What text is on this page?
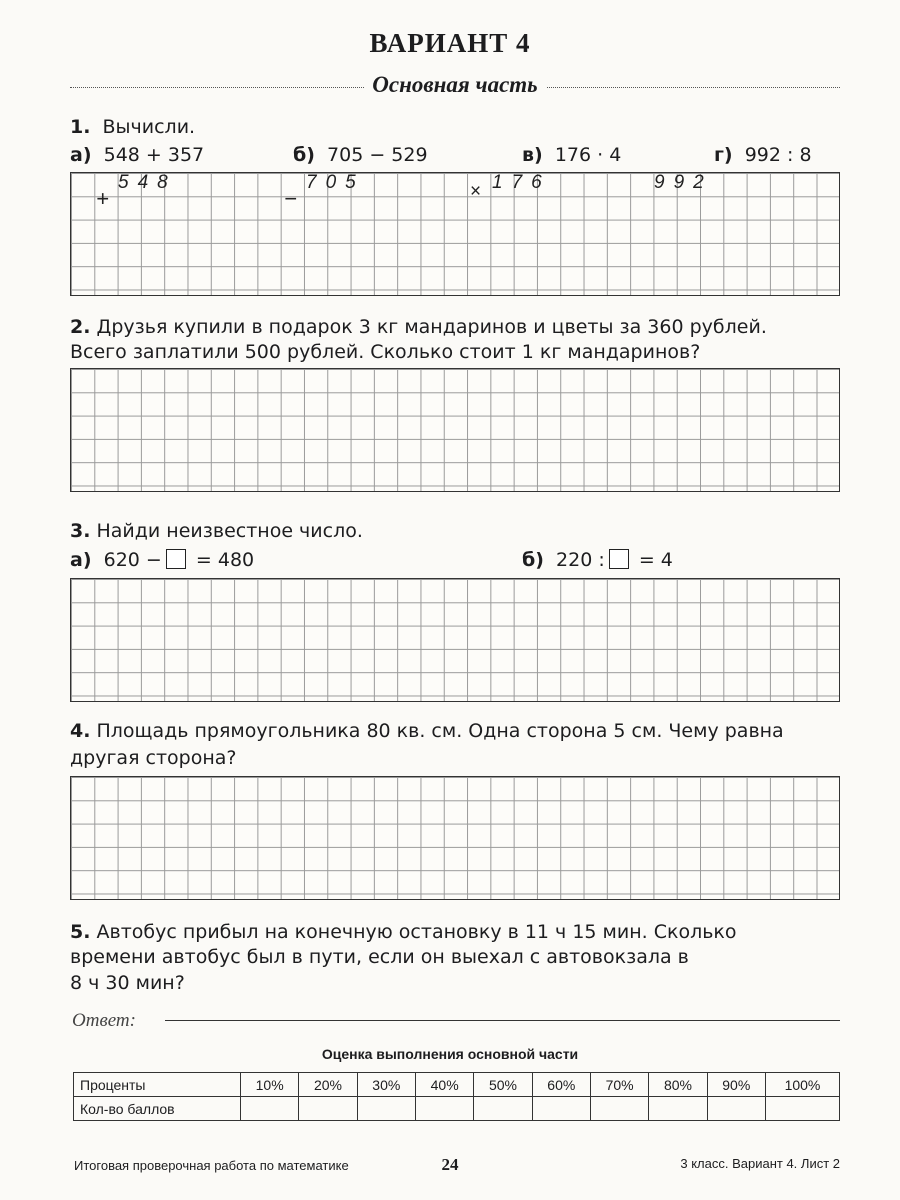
ВАРИАНТ 4
Основная часть
1. Вычисли.
а) 548 + 357	б) 705 − 529	в) 176 · 4	г) 992 : 8
+
548
−
705	× 176	992
2. Друзья купили в подарок 3 кг мандаринов и цветы за 360 рублей.
Всего заплатили 500 рублей. Сколько стоит 1 кг мандаринов?
3. Найди неизвестное число.
а) 620 − = 480	б) 220 : = 4
4. Площадь прямоугольника 80 кв. см. Одна сторона 5 см. Чему равна
другая сторона?
5. Автобус прибыл на конечную остановку в 11 ч 15 мин. Сколько
времени автобус был в пути, если он выехал с автовокзала в
8 ч 30 мин?
Ответ:
Оценка выполнения основной части
Проценты	10%	20%	30%	40%	50%	60%	70%	80%	90%	100%
Кол-во баллов										
Итоговая проверочная работа по математике	24	3 класс. Вариант 4. Лист 2
